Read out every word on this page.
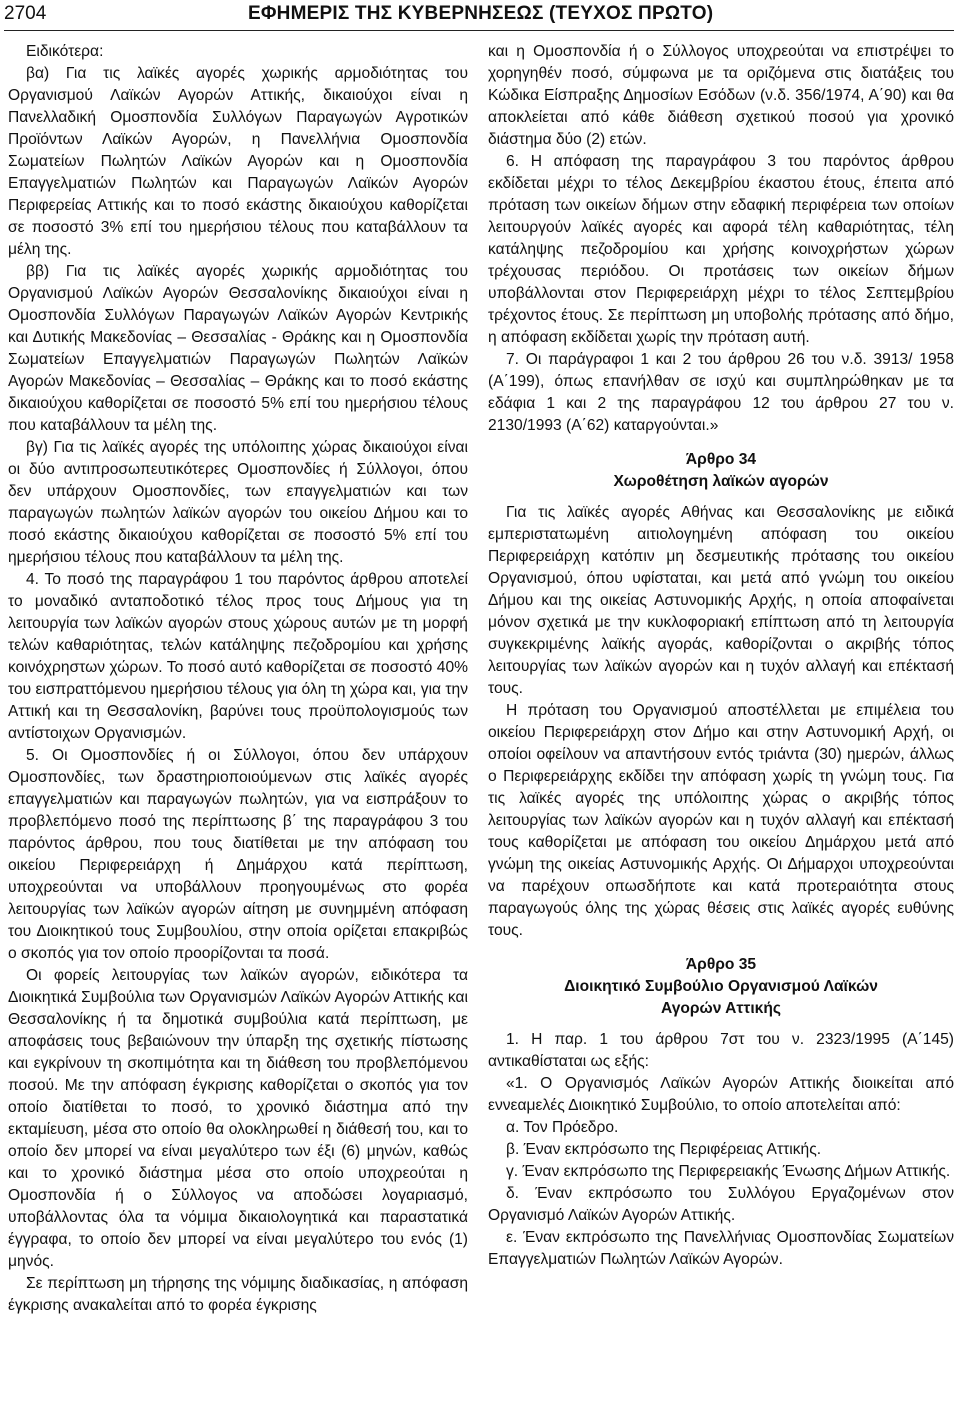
2704	ΕΦΗΜΕΡΙΣ ΤΗΣ ΚΥΒΕΡΝΗΣΕΩΣ (ΤΕΥΧΟΣ ΠΡΩΤΟ)

Ειδικότερα:

βα) Για τις λαϊκές αγορές χωρικής αρμοδιότητας του Οργανισμού Λαϊκών Αγορών Αττικής, δικαιούχοι είναι η Πανελλαδική Ομοσπονδία Συλλόγων Παραγωγών Αγροτικών Προϊόντων Λαϊκών Αγορών, η Πανελλήνια Ομοσπονδία Σωματείων Πωλητών Λαϊκών Αγορών και η Ομοσπονδία Επαγγελματιών Πωλητών και Παραγωγών Λαϊκών Αγορών Περιφερείας Αττικής και το ποσό εκάστης δικαιούχου καθορίζεται σε ποσοστό 3% επί του ημερήσιου τέλους που καταβάλλουν τα μέλη της.

ββ) Για τις λαϊκές αγορές χωρικής αρμοδιότητας του Οργανισμού Λαϊκών Αγορών Θεσσαλονίκης δικαιούχοι είναι η Ομοσπονδία Συλλόγων Παραγωγών Λαϊκών Αγορών Κεντρικής και Δυτικής Μακεδονίας – Θεσσαλίας - Θράκης και η Ομοσπονδία Σωματείων Επαγγελματιών Παραγωγών Πωλητών Λαϊκών Αγορών Μακεδονίας – Θεσσαλίας – Θράκης και το ποσό εκάστης δικαιούχου καθορίζεται σε ποσοστό 5% επί του ημερήσιου τέλους που καταβάλλουν τα μέλη της.

βγ) Για τις λαϊκές αγορές της υπόλοιπης χώρας δικαιούχοι είναι οι δύο αντιπροσωπευτικότερες Ομοσπονδίες ή Σύλλογοι, όπου δεν υπάρχουν Ομοσπονδίες, των επαγγελματιών και των παραγωγών πωλητών λαϊκών αγορών του οικείου Δήμου και το ποσό εκάστης δικαιούχου καθορίζεται σε ποσοστό 5% επί του ημερήσιου τέλους που καταβάλλουν τα μέλη της.

4. Το ποσό της παραγράφου 1 του παρόντος άρθρου αποτελεί το μοναδικό ανταποδοτικό τέλος προς τους Δήμους για τη λειτουργία των λαϊκών αγορών στους χώρους αυτών με τη μορφή τελών καθαριότητας, τελών κατάληψης πεζοδρομίου και χρήσης κοινόχρηστων χώρων. Το ποσό αυτό καθορίζεται σε ποσοστό 40% του εισπραττόμενου ημερήσιου τέλους για όλη τη χώρα και, για την Αττική και τη Θεσσαλονίκη, βαρύνει τους προϋπολογισμούς των αντίστοιχων Οργανισμών.

5. Οι Ομοσπονδίες ή οι Σύλλογοι, όπου δεν υπάρχουν Ομοσπονδίες, των δραστηριοποιούμενων στις λαϊκές αγορές επαγγελματιών και παραγωγών πωλητών, για να εισπράξουν το προβλεπόμενο ποσό της περίπτωσης β΄ της παραγράφου 3 του παρόντος άρθρου, που τους διατίθεται με την απόφαση του οικείου Περιφερειάρχη ή Δημάρχου κατά περίπτωση, υποχρεούνται να υποβάλλουν προηγουμένως στο φορέα λειτουργίας των λαϊκών αγορών αίτηση με συνημμένη απόφαση του Διοικητικού τους Συμβουλίου, στην οποία ορίζεται επακριβώς ο σκοπός για τον οποίο προορίζονται τα ποσά.

Οι φορείς λειτουργίας των λαϊκών αγορών, ειδικότερα τα Διοικητικά Συμβούλια των Οργανισμών Λαϊκών Αγορών Αττικής και Θεσσαλονίκης ή τα δημοτικά συμβούλια κατά περίπτωση, με αποφάσεις τους βεβαιώνουν την ύπαρξη της σχετικής πίστωσης και εγκρίνουν τη σκοπιμότητα και τη διάθεση του προβλεπόμενου ποσού. Με την απόφαση έγκρισης καθορίζεται ο σκοπός για τον οποίο διατίθεται το ποσό, το χρονικό διάστημα από την εκταμίευση, μέσα στο οποίο θα ολοκληρωθεί η διάθεσή του, και το οποίο δεν μπορεί να είναι μεγαλύτερο των έξι (6) μηνών, καθώς και το χρονικό διάστημα μέσα στο οποίο υποχρεούται η Ομοσπονδία ή ο Σύλλογος να αποδώσει λογαριασμό, υποβάλλοντας όλα τα νόμιμα δικαιολογητικά και παραστατικά έγγραφα, το οποίο δεν μπορεί να είναι μεγαλύτερο του ενός (1) μηνός.

Σε περίπτωση μη τήρησης της νόμιμης διαδικασίας, η απόφαση έγκρισης ανακαλείται από το φορέα έγκρισης

και η Ομοσπονδία ή ο Σύλλογος υποχρεούται να επιστρέψει το χορηγηθέν ποσό, σύμφωνα με τα οριζόμενα στις διατάξεις του Κώδικα Είσπραξης Δημοσίων Εσόδων (ν.δ. 356/1974, Α΄90) και θα αποκλείεται από κάθε διάθεση σχετικού ποσού για χρονικό διάστημα δύο (2) ετών.

6. Η απόφαση της παραγράφου 3 του παρόντος άρθρου εκδίδεται μέχρι το τέλος Δεκεμβρίου έκαστου έτους, έπειτα από πρόταση των οικείων δήμων στην εδαφική περιφέρεια των οποίων λειτουργούν λαϊκές αγορές και αφορά τέλη καθαριότητας, τέλη κατάληψης πεζοδρομίου και χρήσης κοινοχρήστων χώρων τρέχουσας περιόδου. Οι προτάσεις των οικείων δήμων υποβάλλονται στον Περιφερειάρχη μέχρι το τέλος Σεπτεμβρίου τρέχοντος έτους. Σε περίπτωση μη υποβολής πρότασης από δήμο, η απόφαση εκδίδεται χωρίς την πρόταση αυτή.

7. Οι παράγραφοι 1 και 2 του άρθρου 26 του ν.δ. 3913/ 1958 (Α΄199), όπως επανήλθαν σε ισχύ και συμπληρώθηκαν με τα εδάφια 1 και 2 της παραγράφου 12 του άρθρου 27 του ν. 2130/1993 (Α΄62) καταργούνται.»

Άρθρο 34

Χωροθέτηση λαϊκών αγορών

Για τις λαϊκές αγορές Αθήνας και Θεσσαλονίκης με ειδικά εμπεριστατωμένη αιτιολογημένη απόφαση του οικείου Περιφερειάρχη κατόπιν μη δεσμευτικής πρότασης του οικείου Οργανισμού, όπου υφίσταται, και μετά από γνώμη του οικείου Δήμου και της οικείας Αστυνομικής Αρχής, η οποία αποφαίνεται μόνον σχετικά με την κυκλοφοριακή επίπτωση από τη λειτουργία συγκεκριμένης λαϊκής αγοράς, καθορίζονται ο ακριβής τόπος λειτουργίας των λαϊκών αγορών και η τυχόν αλλαγή και επέκτασή τους.

Η πρόταση του Οργανισμού αποστέλλεται με επιμέλεια του οικείου Περιφερειάρχη στον Δήμο και στην Αστυνομική Αρχή, οι οποίοι οφείλουν να απαντήσουν εντός τριάντα (30) ημερών, άλλως ο Περιφερειάρχης εκδίδει την απόφαση χωρίς τη γνώμη τους. Για τις λαϊκές αγορές της υπόλοιπης χώρας ο ακριβής τόπος λειτουργίας των λαϊκών αγορών και η τυχόν αλλαγή και επέκτασή τους καθορίζεται με απόφαση του οικείου Δημάρχου μετά από γνώμη της οικείας Αστυνομικής Αρχής. Οι Δήμαρχοι υποχρεούνται να παρέχουν οπωσδήποτε και κατά προτεραιότητα στους παραγωγούς όλης της χώρας θέσεις στις λαϊκές αγορές ευθύνης τους.

Άρθρο 35

Διοικητικό Συμβούλιο Οργανισμού Λαϊκών

Αγορών Αττικής

1. Η παρ. 1 του άρθρου 7στ του ν. 2323/1995 (Α΄145) αντικαθίσταται ως εξής:

«1. Ο Οργανισμός Λαϊκών Αγορών Αττικής διοικείται από εννεαμελές Διοικητικό Συμβούλιο, το οποίο αποτελείται από:

α. Τον Πρόεδρο.

β. Έναν εκπρόσωπο της Περιφέρειας Αττικής.

γ. Έναν εκπρόσωπο της Περιφερειακής Ένωσης Δήμων Αττικής.

δ. Έναν εκπρόσωπο του Συλλόγου Εργαζομένων στον Οργανισμό Λαϊκών Αγορών Αττικής.

ε. Έναν εκπρόσωπο της Πανελλήνιας Ομοσπονδίας Σωματείων Επαγγελματιών Πωλητών Λαϊκών Αγορών.
